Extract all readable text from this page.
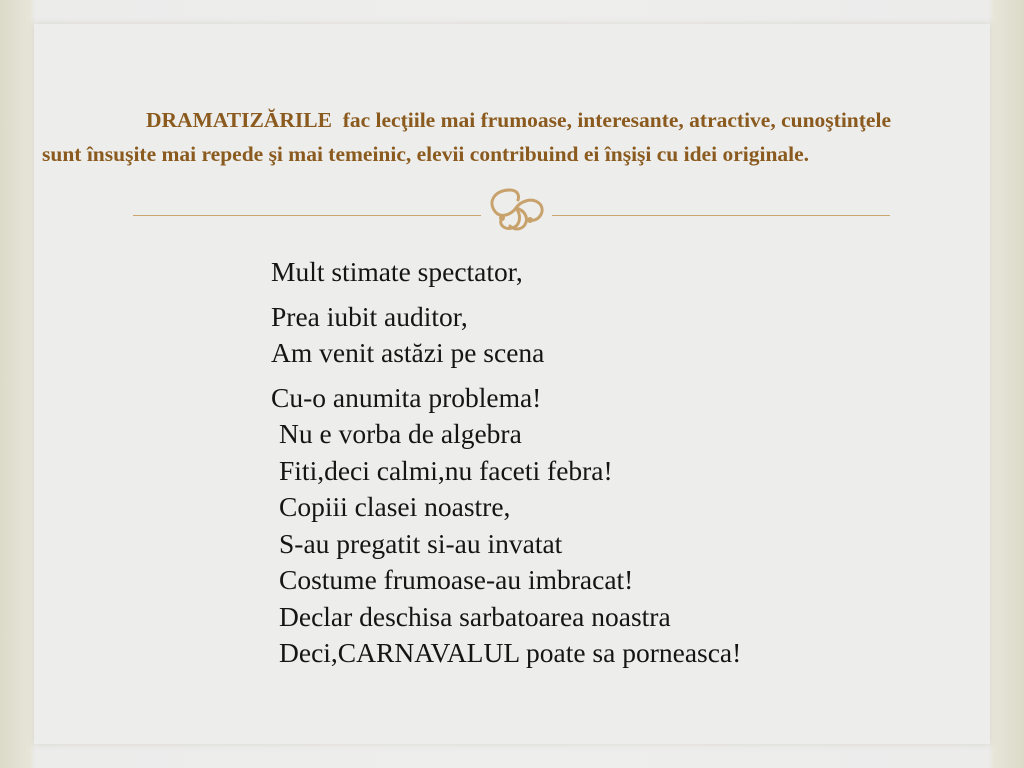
DRAMATIZĂRILE  fac lecţiile mai frumoase, interesante, atractive, cunoştinţele sunt însuşite mai repede şi mai temeinic, elevii contribuind ei înşişi cu idei originale.

Mult stimate spectator,
Prea iubit auditor,
Am venit astăzi pe scena
Cu-o anumita problema!
Nu e vorba de algebra
Fiti,deci calmi,nu faceti febra!
Copiii clasei noastre,
S-au pregatit si-au invatat
Costume frumoase-au imbracat!
Declar deschisa sarbatoarea noastra
Deci,CARNAVALUL poate sa porneasca!
